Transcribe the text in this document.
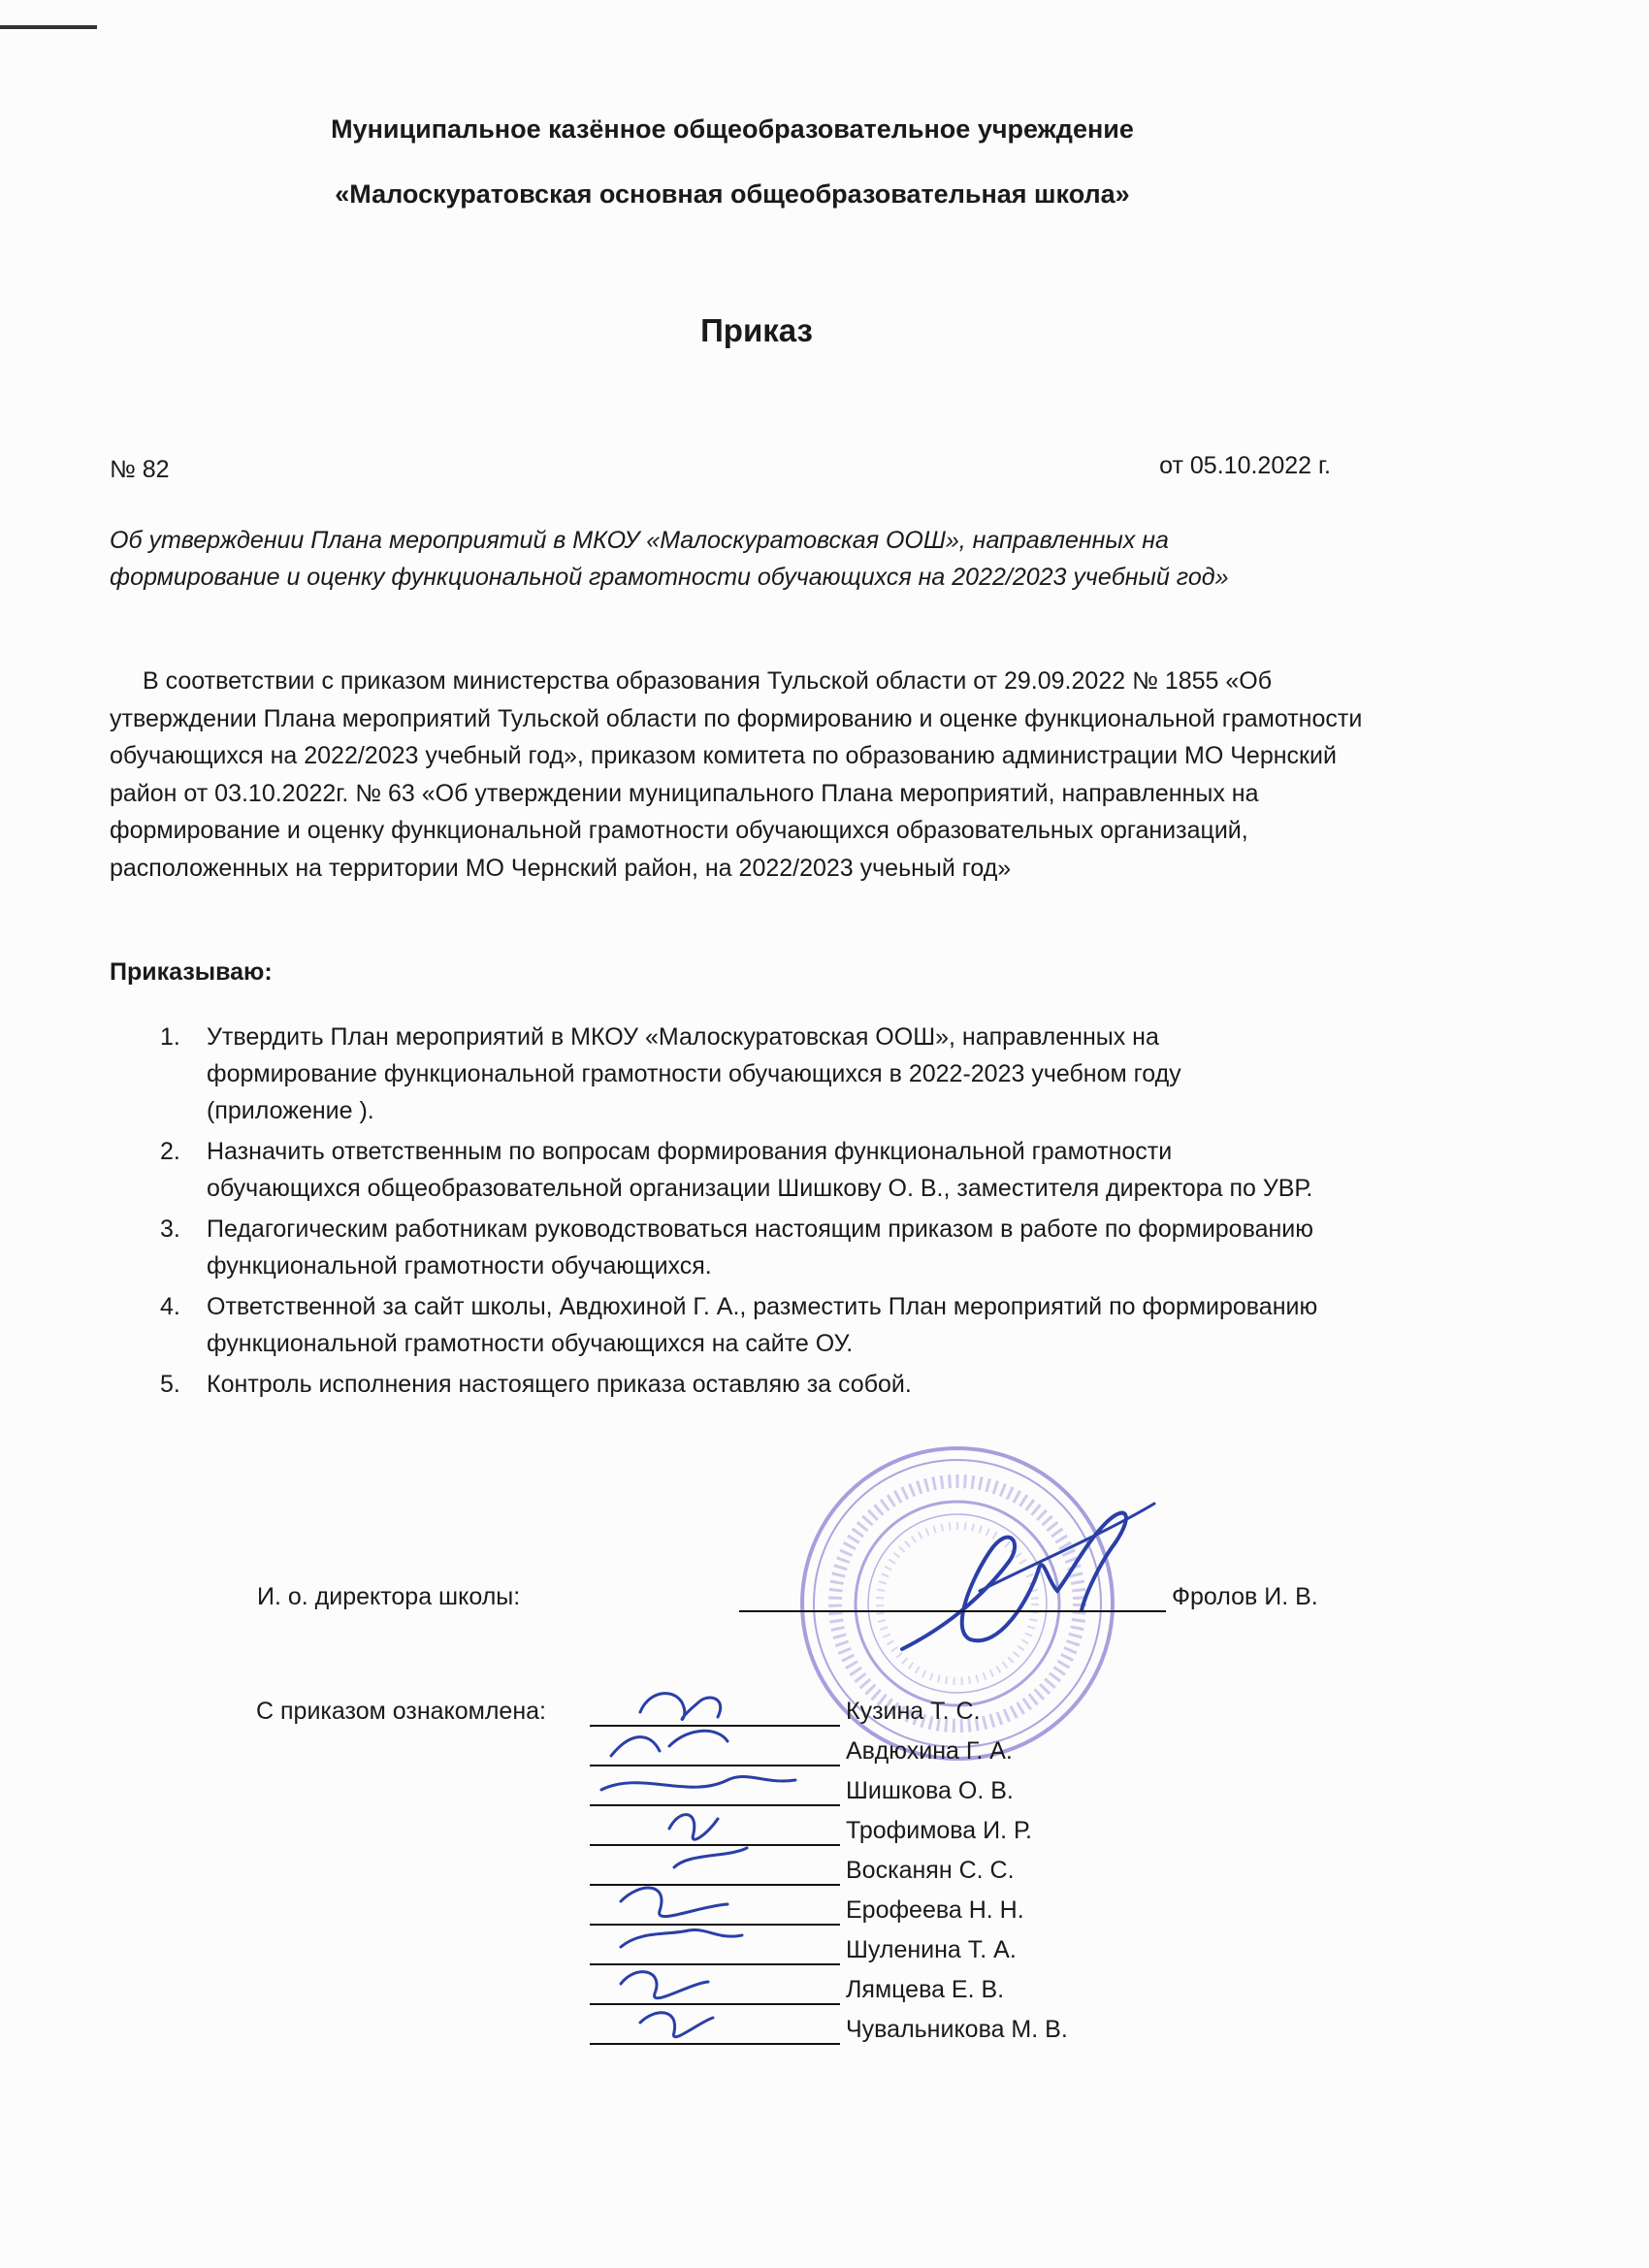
Муниципальное казённое общеобразовательное учреждение
«Малоскуратовская основная общеобразовательная школа»
Приказ
№ 82	от 05.10.2022 г.
Об утверждении Плана мероприятий в МКОУ «Малоскуратовская ООШ», направленных на формирование и оценку функциональной грамотности обучающихся на 2022/2023 учебный год»
В соответствии с приказом министерства образования Тульской области от 29.09.2022 № 1855 «Об утверждении Плана мероприятий Тульской области по формированию и оценке функциональной грамотности обучающихся на 2022/2023 учебный год», приказом комитета по образованию администрации МО Чернский район от 03.10.2022г. № 63 «Об утверждении муниципального Плана мероприятий, направленных на формирование и оценку функциональной грамотности обучающихся образовательных организаций, расположенных на территории МО Чернский район, на 2022/2023 учеьный год»
Приказываю:
1. Утвердить План мероприятий в МКОУ «Малоскуратовская ООШ», направленных на формирование функциональной грамотности обучающихся в 2022-2023 учебном году (приложение ).
2. Назначить ответственным по вопросам формирования функциональной грамотности обучающихся общеобразовательной организации Шишкову О. В., заместителя директора по УВР.
3. Педагогическим работникам руководствоваться настоящим приказом в работе по формированию функциональной грамотности обучающихся.
4. Ответственной за сайт школы, Авдюхиной Г. А., разместить План мероприятий по формированию функциональной грамотности обучающихся на сайте ОУ.
5. Контроль исполнения настоящего приказа оставляю за собой.
И. о. директора школы:	Фролов И. В.
С приказом ознакомлена:	Кузина Т. С.
Авдюхина Г. А.
Шишкова О. В.
Трофимова И. Р.
Восканян С. С.
Ерофеева Н. Н.
Шуленина Т. А.
Лямцева Е. В.
Чувальникова М. В.
